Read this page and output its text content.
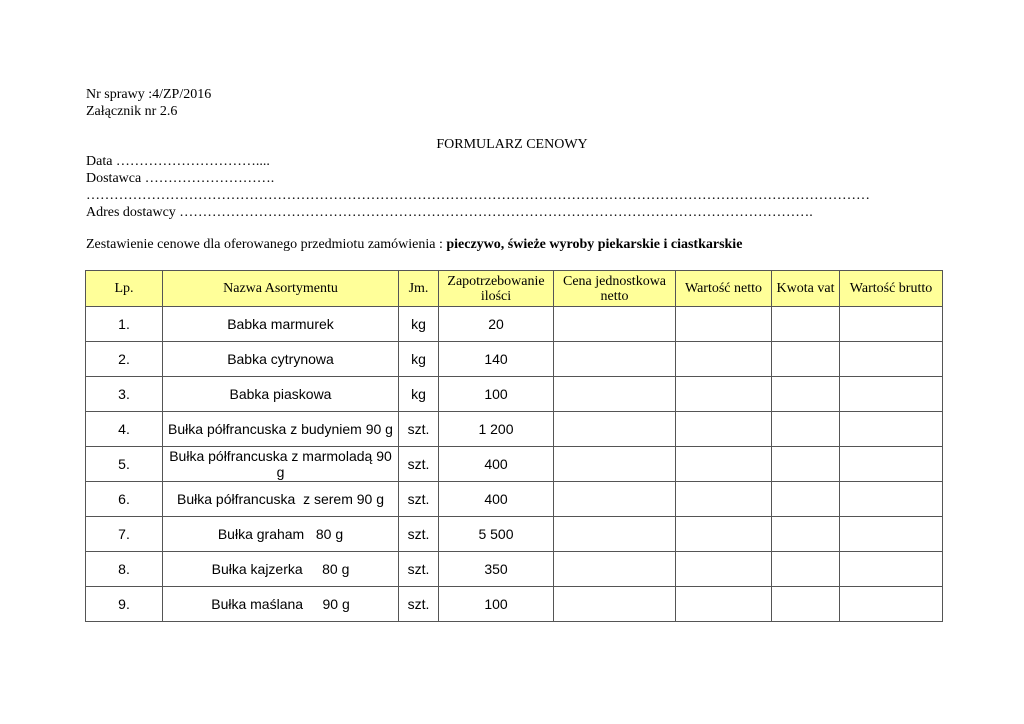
Nr sprawy :4/ZP/2016
Załącznik nr 2.6
FORMULARZ CENOWY
Data …………………………....
Dostawca ……………………….
……………………………………………………………………………………………………………………………………………………
Adres dostawcy ……………………………………………………………………………………………………………………….
Zestawienie cenowe dla oferowanego przedmiotu zamówienia : pieczywo, świeże wyroby piekarskie i ciastkarskie
Lp.	Nazwa Asortymentu	Jm.	Zapotrzebowanie ilości	Cena jednostkowa netto	Wartość netto	Kwota vat	Wartość brutto
1.	Babka marmurek	kg	20				
2.	Babka cytrynowa	kg	140				
3.	Babka piaskowa	kg	100				
4.	Bułka półfrancuska z budyniem 90 g	szt.	1 200				
5.	Bułka półfrancuska z marmoladą 90 g	szt.	400				
6.	Bułka półfrancuska  z serem 90 g	szt.	400				
7.	Bułka graham   80 g	szt.	5 500				
8.	Bułka kajzerka     80 g	szt.	350				
9.	Bułka maślana     90 g	szt.	100				
